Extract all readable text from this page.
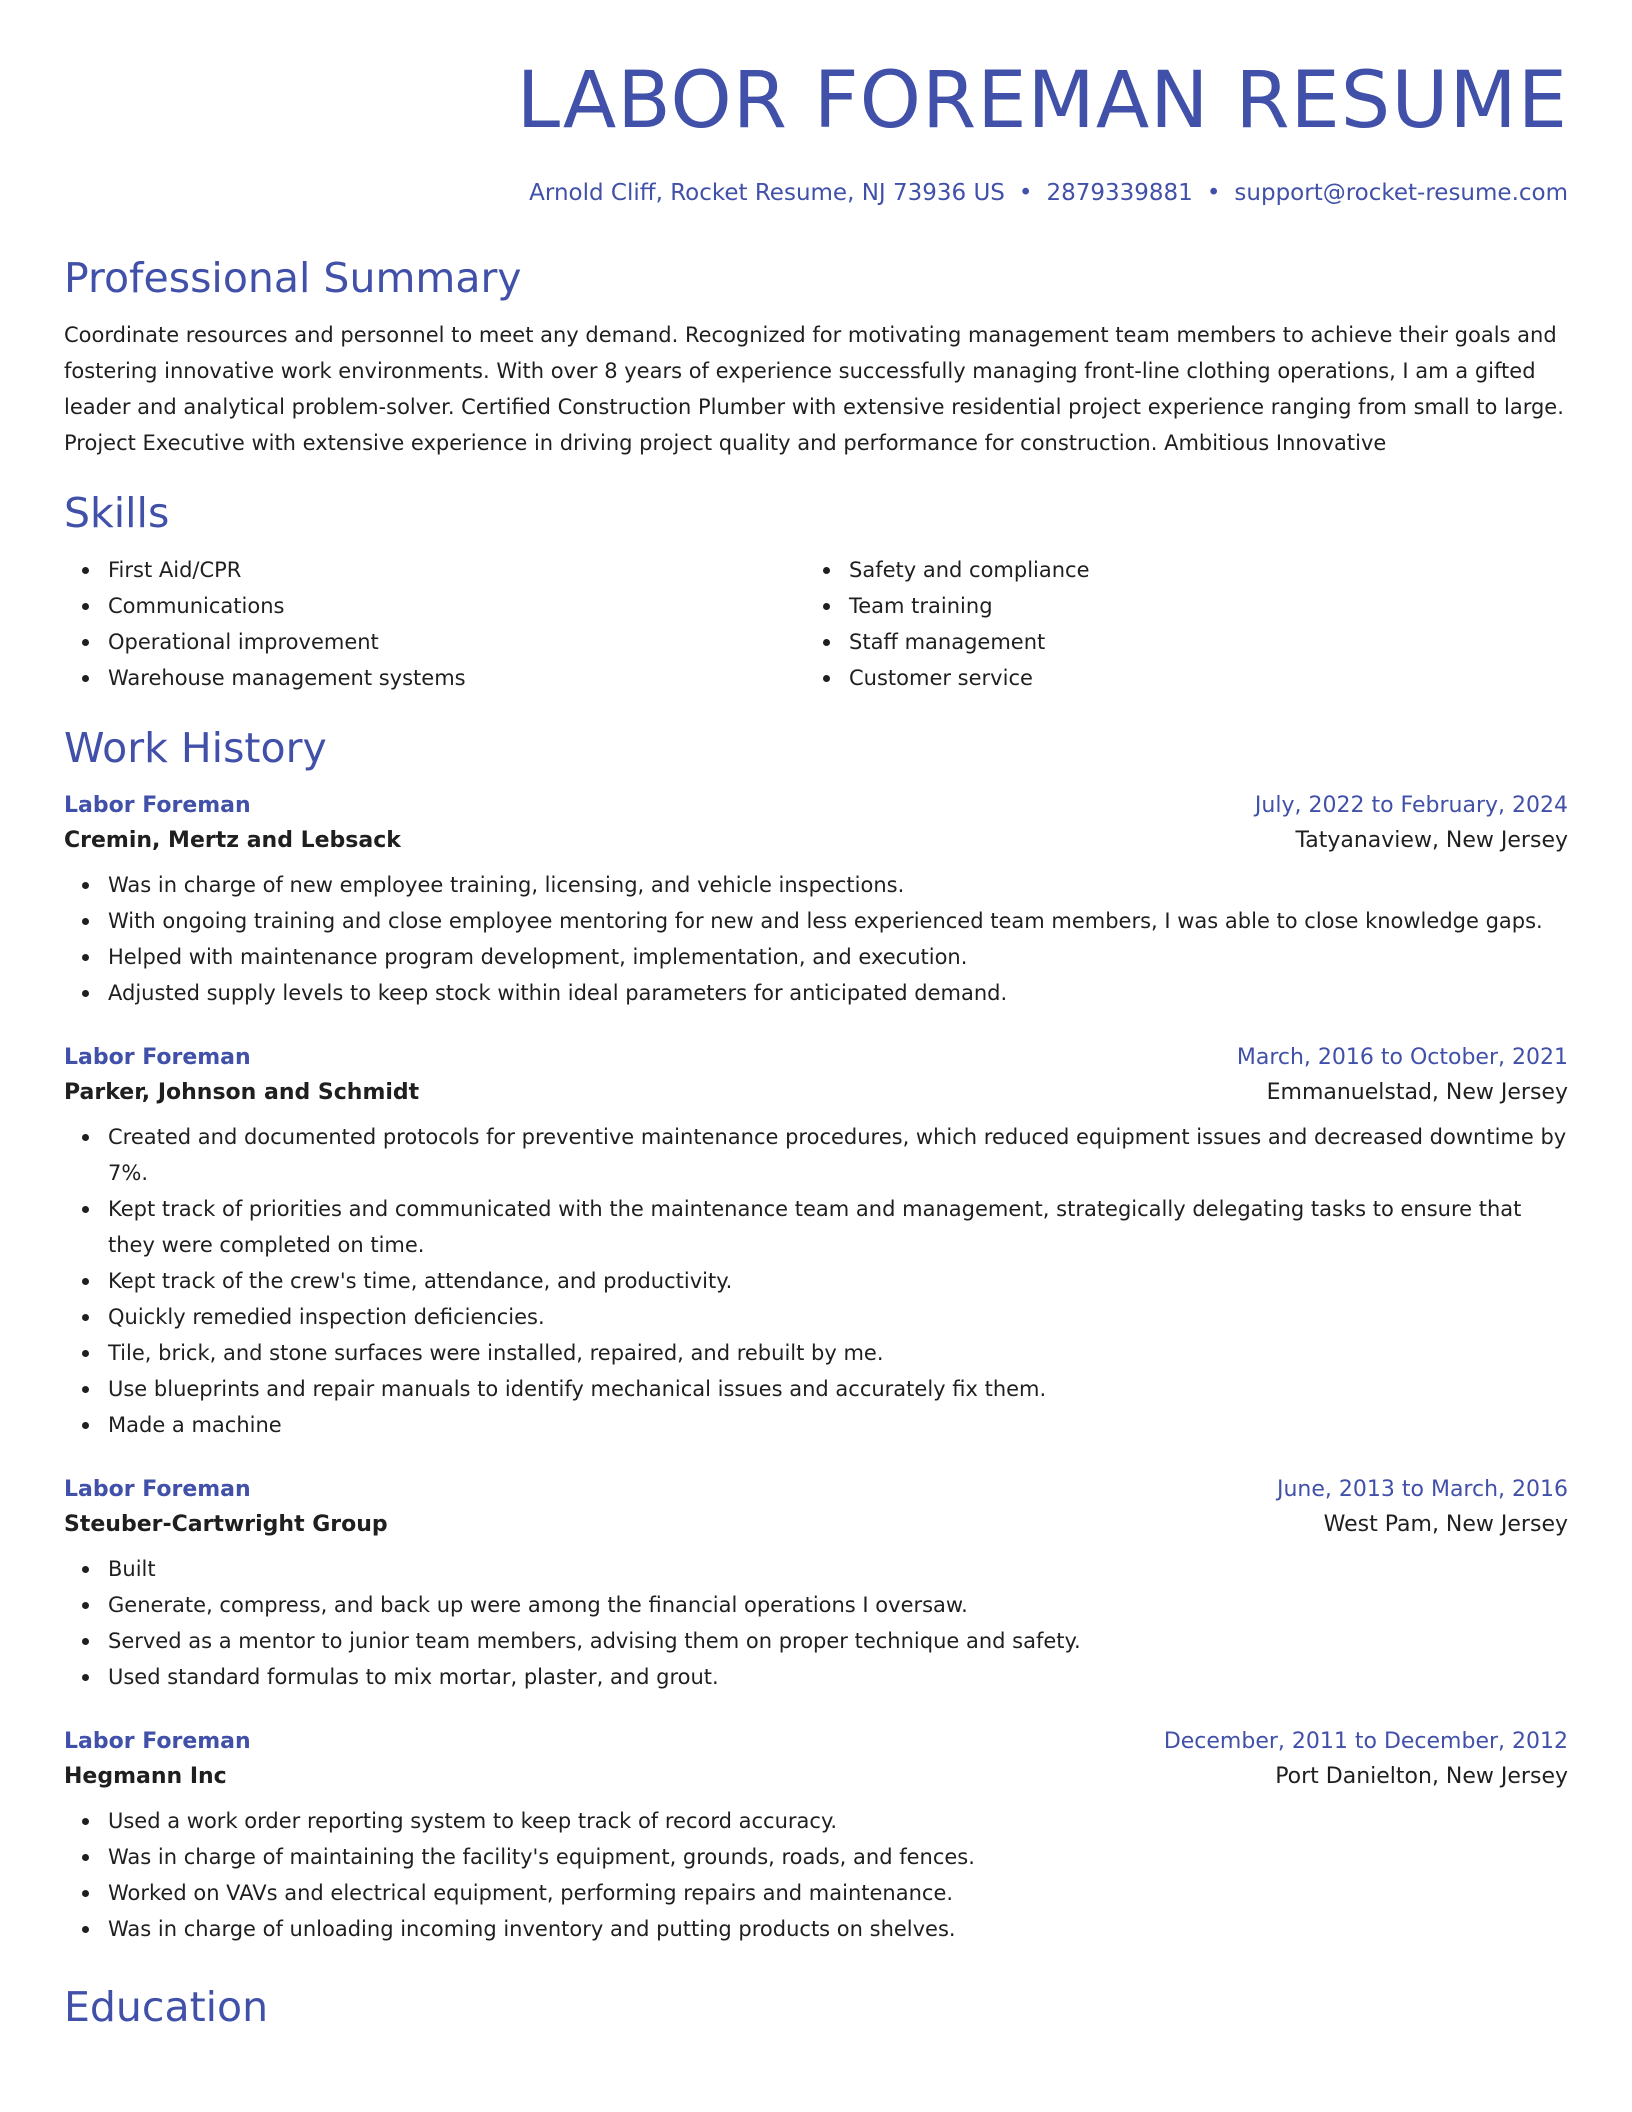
LABOR FOREMAN RESUME
Arnold Cliff, Rocket Resume, NJ 73936 US • 2879339881 • support@rocket-resume.com
Professional Summary
Coordinate resources and personnel to meet any demand. Recognized for motivating management team members to achieve their goals and fostering innovative work environments. With over 8 years of experience successfully managing front-line clothing operations, I am a gifted leader and analytical problem-solver. Certified Construction Plumber with extensive residential project experience ranging from small to large. Project Executive with extensive experience in driving project quality and performance for construction. Ambitious Innovative
Skills
First Aid/CPR
Communications
Operational improvement
Warehouse management systems
Safety and compliance
Team training
Staff management
Customer service
Work History
Labor Foreman	July, 2022 to February, 2024
Cremin, Mertz and Lebsack	Tatyanaview, New Jersey
Was in charge of new employee training, licensing, and vehicle inspections.
With ongoing training and close employee mentoring for new and less experienced team members, I was able to close knowledge gaps.
Helped with maintenance program development, implementation, and execution.
Adjusted supply levels to keep stock within ideal parameters for anticipated demand.
Labor Foreman	March, 2016 to October, 2021
Parker, Johnson and Schmidt	Emmanuelstad, New Jersey
Created and documented protocols for preventive maintenance procedures, which reduced equipment issues and decreased downtime by 7%.
Kept track of priorities and communicated with the maintenance team and management, strategically delegating tasks to ensure that they were completed on time.
Kept track of the crew's time, attendance, and productivity.
Quickly remedied inspection deficiencies.
Tile, brick, and stone surfaces were installed, repaired, and rebuilt by me.
Use blueprints and repair manuals to identify mechanical issues and accurately fix them.
Made a machine
Labor Foreman	June, 2013 to March, 2016
Steuber-Cartwright Group	West Pam, New Jersey
Built
Generate, compress, and back up were among the financial operations I oversaw.
Served as a mentor to junior team members, advising them on proper technique and safety.
Used standard formulas to mix mortar, plaster, and grout.
Labor Foreman	December, 2011 to December, 2012
Hegmann Inc	Port Danielton, New Jersey
Used a work order reporting system to keep track of record accuracy.
Was in charge of maintaining the facility's equipment, grounds, roads, and fences.
Worked on VAVs and electrical equipment, performing repairs and maintenance.
Was in charge of unloading incoming inventory and putting products on shelves.
Education
